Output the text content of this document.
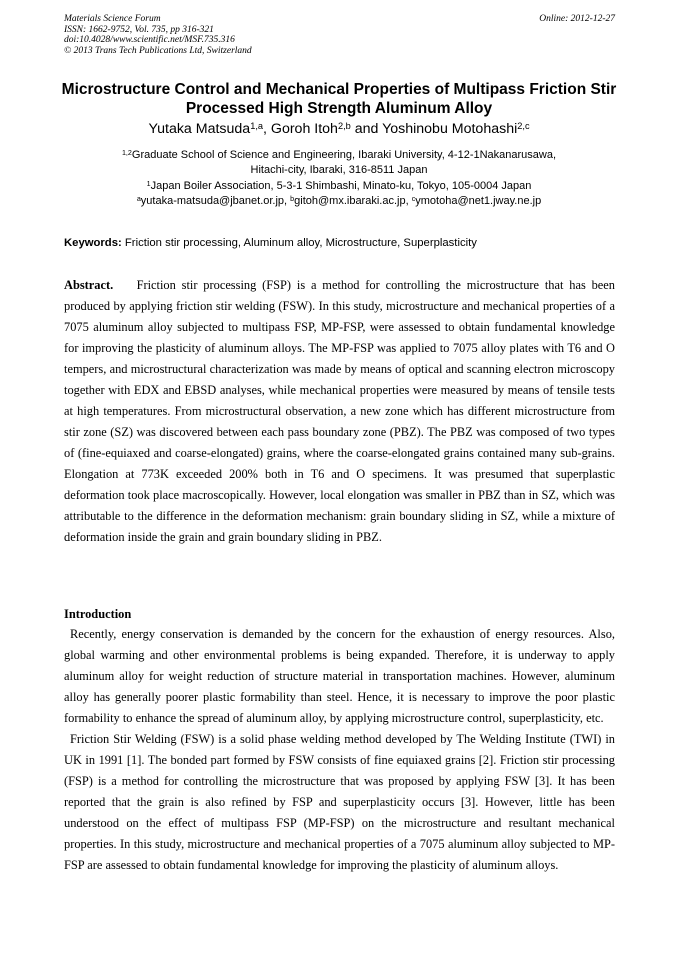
Materials Science Forum
ISSN: 1662-9752, Vol. 735, pp 316-321
doi:10.4028/www.scientific.net/MSF.735.316
© 2013 Trans Tech Publications Ltd, Switzerland
Online: 2012-12-27
Microstructure Control and Mechanical Properties of Multipass Friction Stir Processed High Strength Aluminum Alloy
Yutaka Matsuda$^{1,a}$, Goroh Itoh$^{2,b}$ and Yoshinobu Motohashi$^{2,c}$
$^{1,2}$Graduate School of Science and Engineering, Ibaraki University, 4-12-1Nakanarusawa,
Hitachi-city, Ibaraki, 316-8511 Japan
$^1$Japan Boiler Association, 5-3-1 Shimbashi, Minato-ku, Tokyo, 105-0004 Japan
$^a$yutaka-matsuda@jbanet.or.jp, $^b$gitoh@mx.ibaraki.ac.jp, $^c$ymotoha@net1.jway.ne.jp
Keywords: Friction stir processing, Aluminum alloy, Microstructure, Superplasticity
Abstract. Friction stir processing (FSP) is a method for controlling the microstructure that has been produced by applying friction stir welding (FSW). In this study, microstructure and mechanical properties of a 7075 aluminum alloy subjected to multipass FSP, MP-FSP, were assessed to obtain fundamental knowledge for improving the plasticity of aluminum alloys. The MP-FSP was applied to 7075 alloy plates with T6 and O tempers, and microstructural characterization was made by means of optical and scanning electron microscopy together with EDX and EBSD analyses, while mechanical properties were measured by means of tensile tests at high temperatures. From microstructural observation, a new zone which has different microstructure from stir zone (SZ) was discovered between each pass boundary zone (PBZ). The PBZ was composed of two types of (fine-equiaxed and coarse-elongated) grains, where the coarse-elongated grains contained many sub-grains. Elongation at 773K exceeded 200% both in T6 and O specimens. It was presumed that superplastic deformation took place macroscopically. However, local elongation was smaller in PBZ than in SZ, which was attributable to the difference in the deformation mechanism: grain boundary sliding in SZ, while a mixture of deformation inside the grain and grain boundary sliding in PBZ.
Introduction

Recently, energy conservation is demanded by the concern for the exhaustion of energy resources. Also, global warming and other environmental problems is being expanded. Therefore, it is underway to apply aluminum alloy for weight reduction of structure material in transportation machines. However, aluminum alloy has generally poorer plastic formability than steel. Hence, it is necessary to improve the poor plastic formability to enhance the spread of aluminum alloy, by applying microstructure control, superplasticity, etc.

Friction Stir Welding (FSW) is a solid phase welding method developed by The Welding Institute (TWI) in UK in 1991 [1]. The bonded part formed by FSW consists of fine equiaxed grains [2]. Friction stir processing (FSP) is a method for controlling the microstructure that was proposed by applying FSW [3]. It has been reported that the grain is also refined by FSP and superplasticity occurs [3]. However, little has been understood on the effect of multipass FSP (MP-FSP) on the microstructure and resultant mechanical properties. In this study, microstructure and mechanical properties of a 7075 aluminum alloy subjected to MP-FSP are assessed to obtain fundamental knowledge for improving the plasticity of aluminum alloys.
